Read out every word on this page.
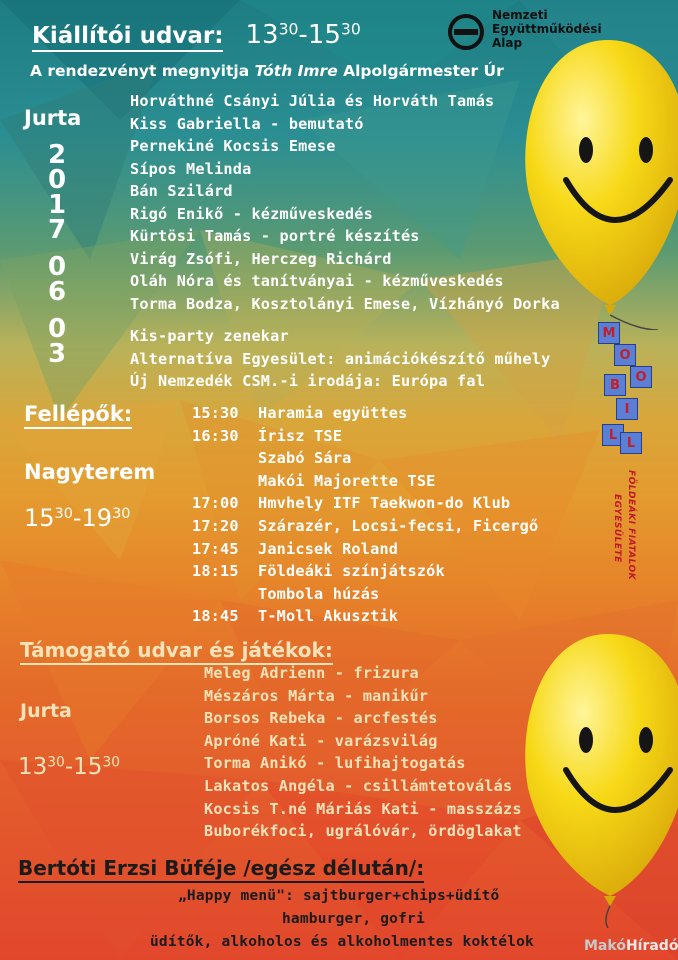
Nemzeti
Együttműködési
Alap
Kiállítói udvar: $13^{30}-15^{30}$
A rendezvényt megnyitja Tóth Imre Alpolgármester Úr
Jurta
2
0
1
7
0
6
0
3
Horváthné Csányi Júlia és Horváth Tamás
Kiss Gabriella - bemutató
Pernekiné Kocsis Emese
Sípos Melinda
Bán Szilárd
Rigó Enikő - kézműveskedés
Kürtösi Tamás - portré készítés
Virág Zsófi, Herczeg Richárd
Oláh Nóra és tanítványai - kézműveskedés
Torma Bodza, Kosztolányi Emese, Vízhányó Dorka
Kis-party zenekar
Alternatíva Egyesület: animációkészítő műhely
Új Nemzedék CSM.-i irodája: Európa fal
Fellépők:
Nagyterem
$15^{30}-19^{30}$
15:30 Haramia együttes
16:30 Írisz TSE
Szabó Sára
Makói Majorette TSE
17:00 Hmvhely ITF Taekwon-do Klub
17:20 Szárazér, Locsi-fecsi, Ficergő
17:45 Janicsek Roland
18:15 Földeáki színjátszók
Tombola húzás
18:45 T-Moll Akusztik
M
O
O
B
I
L
L
FÖLDEÁKI FIATALOK
EGYESÜLETE
Támogató udvar és játékok:
Jurta
$13^{30}-15^{30}$
Meleg Adrienn - frizura
Mészáros Márta - manikűr
Borsos Rebeka - arcfestés
Apróné Kati - varázsvilág
Torma Anikó - lufihajtogatás
Lakatos Angéla - csillámtetoválás
Kocsis T.né Máriás Kati - masszázs
Buborékfoci, ugrálóvár, ördöglakat
Bertóti Erzsi Büféje /egész délután/:
„Happy menü": sajtburger+chips+üdítő
hamburger, gofri
üdítők, alkoholos és alkoholmentes koktélok	MakóHíradó
